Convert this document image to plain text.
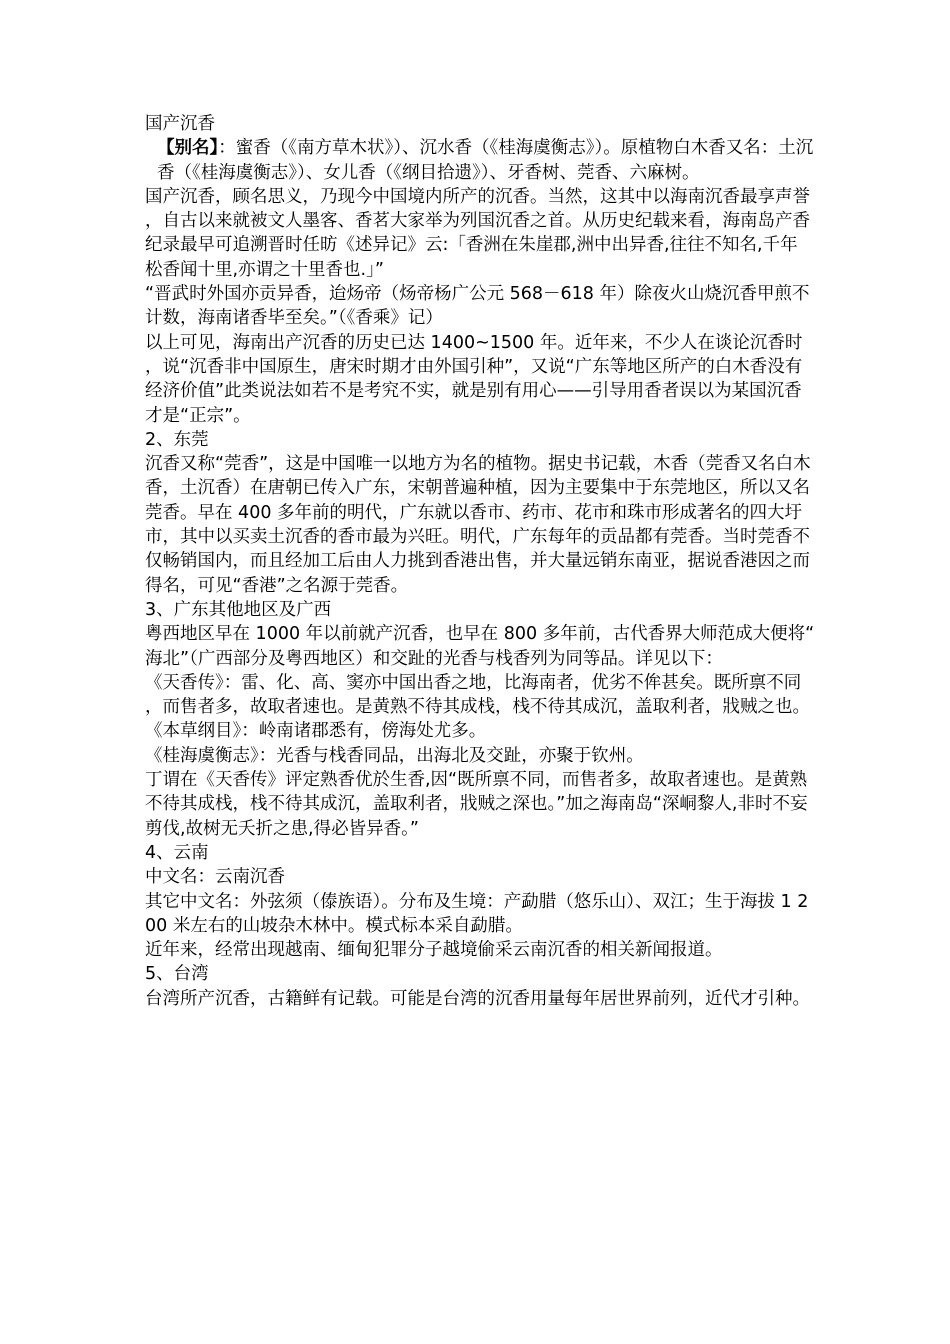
国产沉香

【别名】：蜜香（《南方草木状》）、沉水香（《桂海虞衡志》）。原植物白木香又名：土沉香（《桂海虞衡志》）、女儿香（《纲目拾遗》）、牙香树、莞香、六麻树。

国产沉香，顾名思义，乃现今中国境内所产的沉香。当然，这其中以海南沉香最享声誉，自古以来就被文人墨客、香茗大家举为列国沉香之首。从历史纪载来看，海南岛产香纪录最早可追溯晋时任昉《述异记》云:「香洲在朱崖郡,洲中出异香,往往不知名,千年松香闻十里,亦谓之十里香也.」”

“晋武时外国亦贡异香，迨炀帝（炀帝杨广公元 568－618 年）除夜火山烧沉香甲煎不计数，海南诸香毕至矣。”（《香乘》记）

以上可见，海南出产沉香的历史已达 1400~1500 年。近年来，不少人在谈论沉香时，说“沉香非中国原生，唐宋时期才由外国引种”，又说“广东等地区所产的白木香没有经济价值”此类说法如若不是考究不实，就是别有用心——引导用香者误以为某国沉香才是“正宗”。

2、东莞

沉香又称“莞香”，这是中国唯一以地方为名的植物。据史书记载，木香（莞香又名白木香，土沉香）在唐朝已传入广东，宋朝普遍种植，因为主要集中于东莞地区，所以又名莞香。早在 400 多年前的明代，广东就以香市、药市、花市和珠市形成著名的四大圩市，其中以买卖土沉香的香市最为兴旺。明代，广东每年的贡品都有莞香。当时莞香不仅畅销国内，而且经加工后由人力挑到香港出售，并大量远销东南亚，据说香港因之而得名，可见“香港”之名源于莞香。

3、广东其他地区及广西

粤西地区早在 1000 年以前就产沉香，也早在 800 多年前，古代香界大师范成大便将“海北”（广西部分及粤西地区）和交趾的光香与栈香列为同等品。详见以下：

《天香传》：雷、化、高、窦亦中国出香之地，比海南者，优劣不侔甚矣。既所禀不同，而售者多，故取者速也。是黄熟不待其成栈，栈不待其成沉，盖取利者，戕贼之也。

《本草纲目》：岭南诸郡悉有，傍海处尤多。

《桂海虞衡志》：光香与栈香同品，出海北及交趾，亦聚于钦州。

丁谓在《天香传》评定熟香优於生香,因“既所禀不同，而售者多，故取者速也。是黄熟不待其成栈，栈不待其成沉，盖取利者，戕贼之深也。”加之海南岛“深峒黎人,非时不妄剪伐,故树无夭折之患,得必皆异香。”

4、云南

中文名：云南沉香

其它中文名：外弦须（傣族语）。分布及生境：产勐腊（悠乐山）、双江；生于海拔 1 200 米左右的山坡杂木林中。模式标本采自勐腊。

近年来，经常出现越南、缅甸犯罪分子越境偷采云南沉香的相关新闻报道。

5、台湾

台湾所产沉香，古籍鲜有记载。可能是台湾的沉香用量每年居世界前列，近代才引种。
